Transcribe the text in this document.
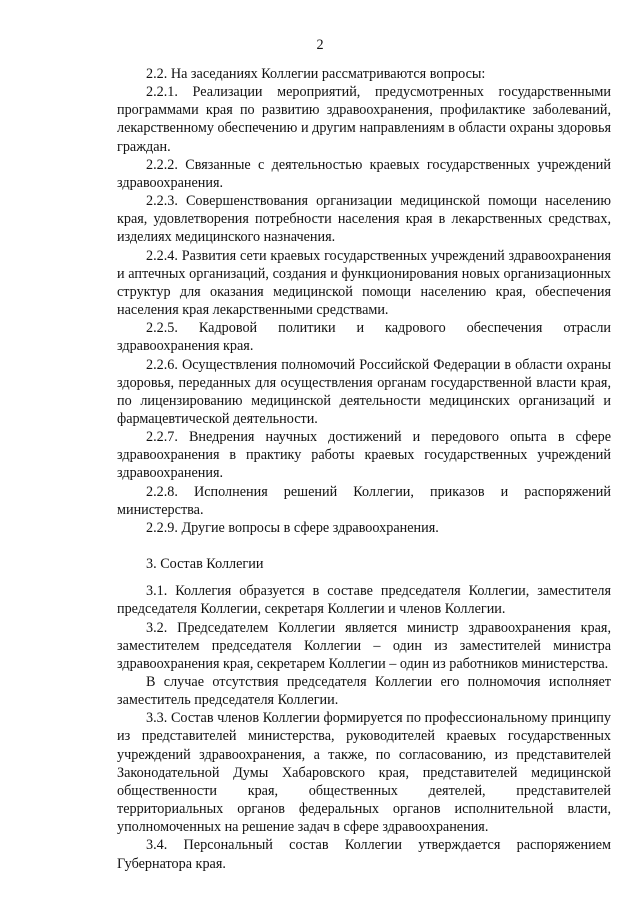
2

2.2. На заседаниях Коллегии рассматриваются вопросы:

2.2.1. Реализации мероприятий, предусмотренных государственными программами края по развитию здравоохранения, профилактике заболеваний, лекарственному обеспечению и другим направлениям в области охраны здоровья граждан.

2.2.2. Связанные с деятельностью краевых государственных учреждений здравоохранения.

2.2.3. Совершенствования организации медицинской помощи населению края, удовлетворения потребности населения края в лекарственных средствах, изделиях медицинского назначения.

2.2.4. Развития сети краевых государственных учреждений здравоохранения и аптечных организаций, создания и функционирования новых организационных структур для оказания медицинской помощи населению края, обеспечения населения края лекарственными средствами.

2.2.5. Кадровой политики и кадрового обеспечения отрасли здравоохранения края.

2.2.6. Осуществления полномочий Российской Федерации в области охраны здоровья, переданных для осуществления органам государственной власти края, по лицензированию медицинской деятельности медицинских организаций и фармацевтической деятельности.

2.2.7. Внедрения научных достижений и передового опыта в сфере здравоохранения в практику работы краевых государственных учреждений здравоохранения.

2.2.8. Исполнения решений Коллегии, приказов и распоряжений министерства.

2.2.9. Другие вопросы в сфере здравоохранения.

3. Состав Коллегии

3.1. Коллегия образуется в составе председателя Коллегии, заместителя председателя Коллегии, секретаря Коллегии и членов Коллегии.

3.2. Председателем Коллегии является министр здравоохранения края, заместителем председателя Коллегии – один из заместителей министра здравоохранения края, секретарем Коллегии – один из работников министерства.

В случае отсутствия председателя Коллегии его полномочия исполняет заместитель председателя Коллегии.

3.3. Состав членов Коллегии формируется по профессиональному принципу из представителей министерства, руководителей краевых государственных учреждений здравоохранения, а также, по согласованию, из представителей Законодательной Думы Хабаровского края, представителей медицинской общественности края, общественных деятелей, представителей территориальных органов федеральных органов исполнительной власти, уполномоченных на решение задач в сфере здравоохранения.

3.4. Персональный состав Коллегии утверждается распоряжением Губернатора края.
